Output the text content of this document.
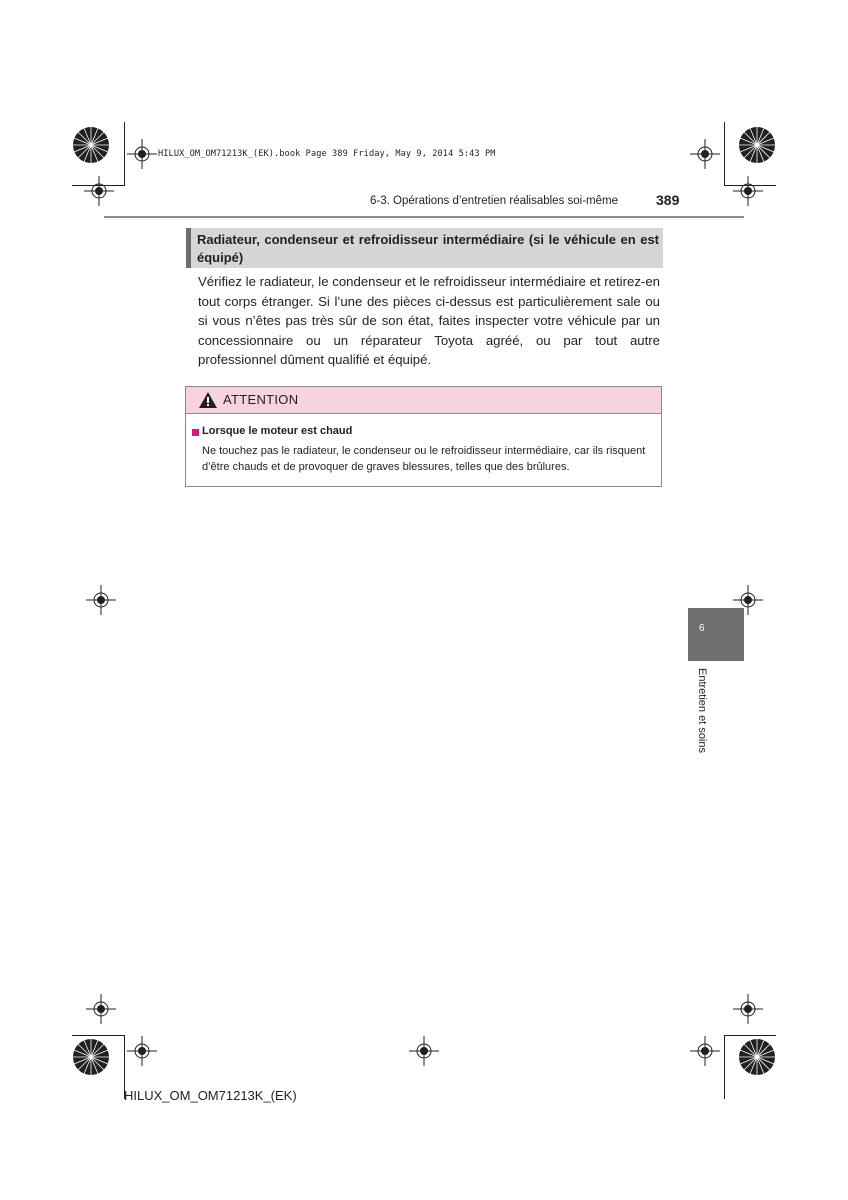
HILUX_OM_OM71213K_(EK).book Page 389 Friday, May 9, 2014 5:43 PM
6-3. Opérations d’entretien réalisables soi-même	389
Radiateur, condenseur et refroidisseur intermédiaire (si le véhicule en est équipé)
Vérifiez le radiateur, le condenseur et le refroidisseur intermédiaire et retirez-en tout corps étranger. Si l’une des pièces ci-dessus est particulièrement sale ou si vous n’êtes pas très sûr de son état, faites inspecter votre véhicule par un concessionnaire ou un réparateur Toyota agréé, ou par tout autre professionnel dûment qualifié et équipé.
ATTENTION
Lorsque le moteur est chaud
Ne touchez pas le radiateur, le condenseur ou le refroidisseur intermédiaire, car ils risquent d’être chauds et de provoquer de graves blessures, telles que des brûlures.
6
Entretien et soins
HILUX_OM_OM71213K_(EK)
